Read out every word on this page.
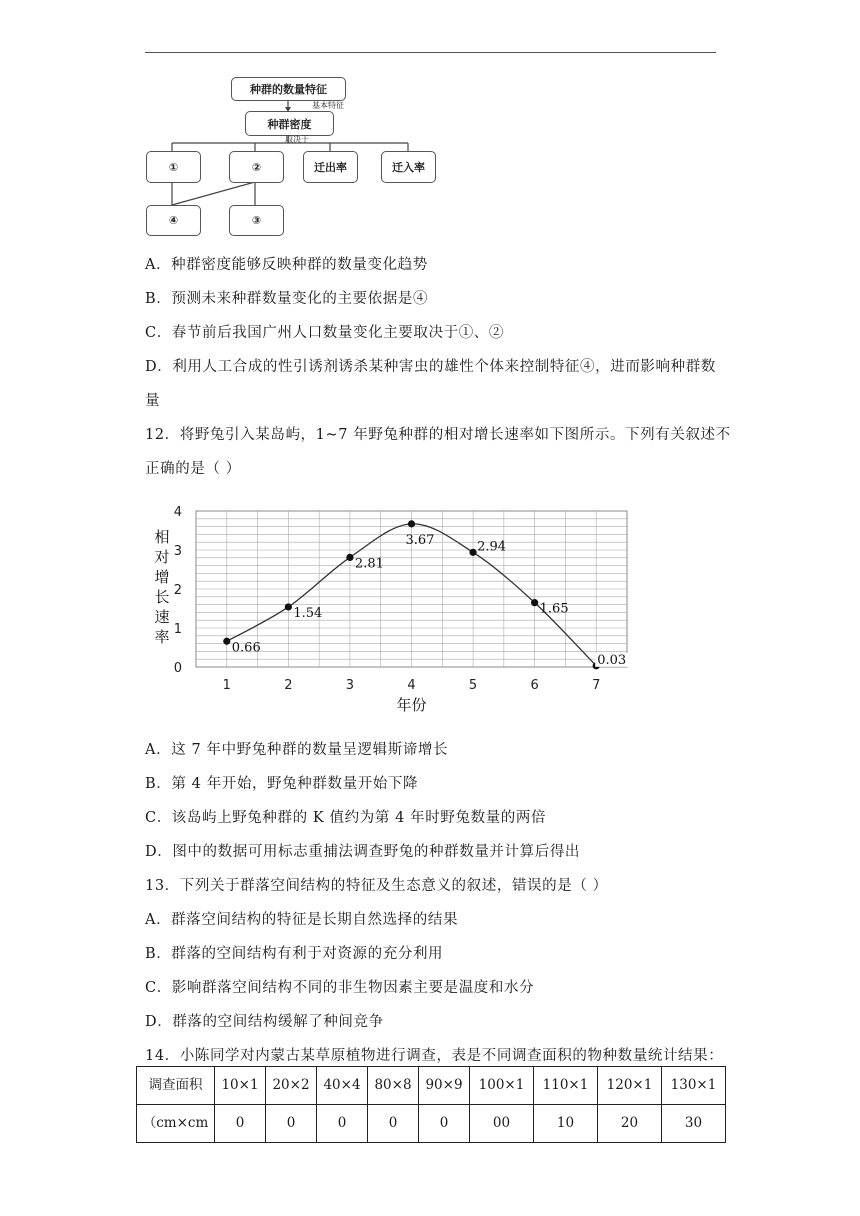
种群的数量特征
基本特征
种群密度
取决于
①	②	迁出率	迁入率
④	③
A．种群密度能够反映种群的数量变化趋势
B．预测未来种群数量变化的主要依据是④
C．春节前后我国广州人口数量变化主要取决于①、②
D．利用人工合成的性引诱剂诱杀某种害虫的雄性个体来控制特征④，进而影响种群数
量
12．将野兔引入某岛屿，1~7 年野兔种群的相对增长速率如下图所示。下列有关叙述不
正确的是（ ）
0
1
2
3
4
1	2	3	4	5	6	7
0.66
1.54
2.81
3.67	2.94
1.65
0.03
相
对
增
长
速
率
年份
A．这 7 年中野兔种群的数量呈逻辑斯谛增长
B．第 4 年开始，野兔种群数量开始下降
C．该岛屿上野兔种群的 K 值约为第 4 年时野兔数量的两倍
D．图中的数据可用标志重捕法调查野兔的种群数量并计算后得出
13．下列关于群落空间结构的特征及生态意义的叙述，错误的是（ ）
A．群落空间结构的特征是长期自然选择的结果
B．群落的空间结构有利于对资源的充分利用
C．影响群落空间结构不同的非生物因素主要是温度和水分
D．群落的空间结构缓解了种间竞争
14．小陈同学对内蒙古某草原植物进行调查，表是不同调查面积的物种数量统计结果：
调查面积	10×1	20×2	40×4	80×8	90×9	100×1	110×1	120×1	130×1
（cm×cm	0	0	0	0	0	00	10	20	30
